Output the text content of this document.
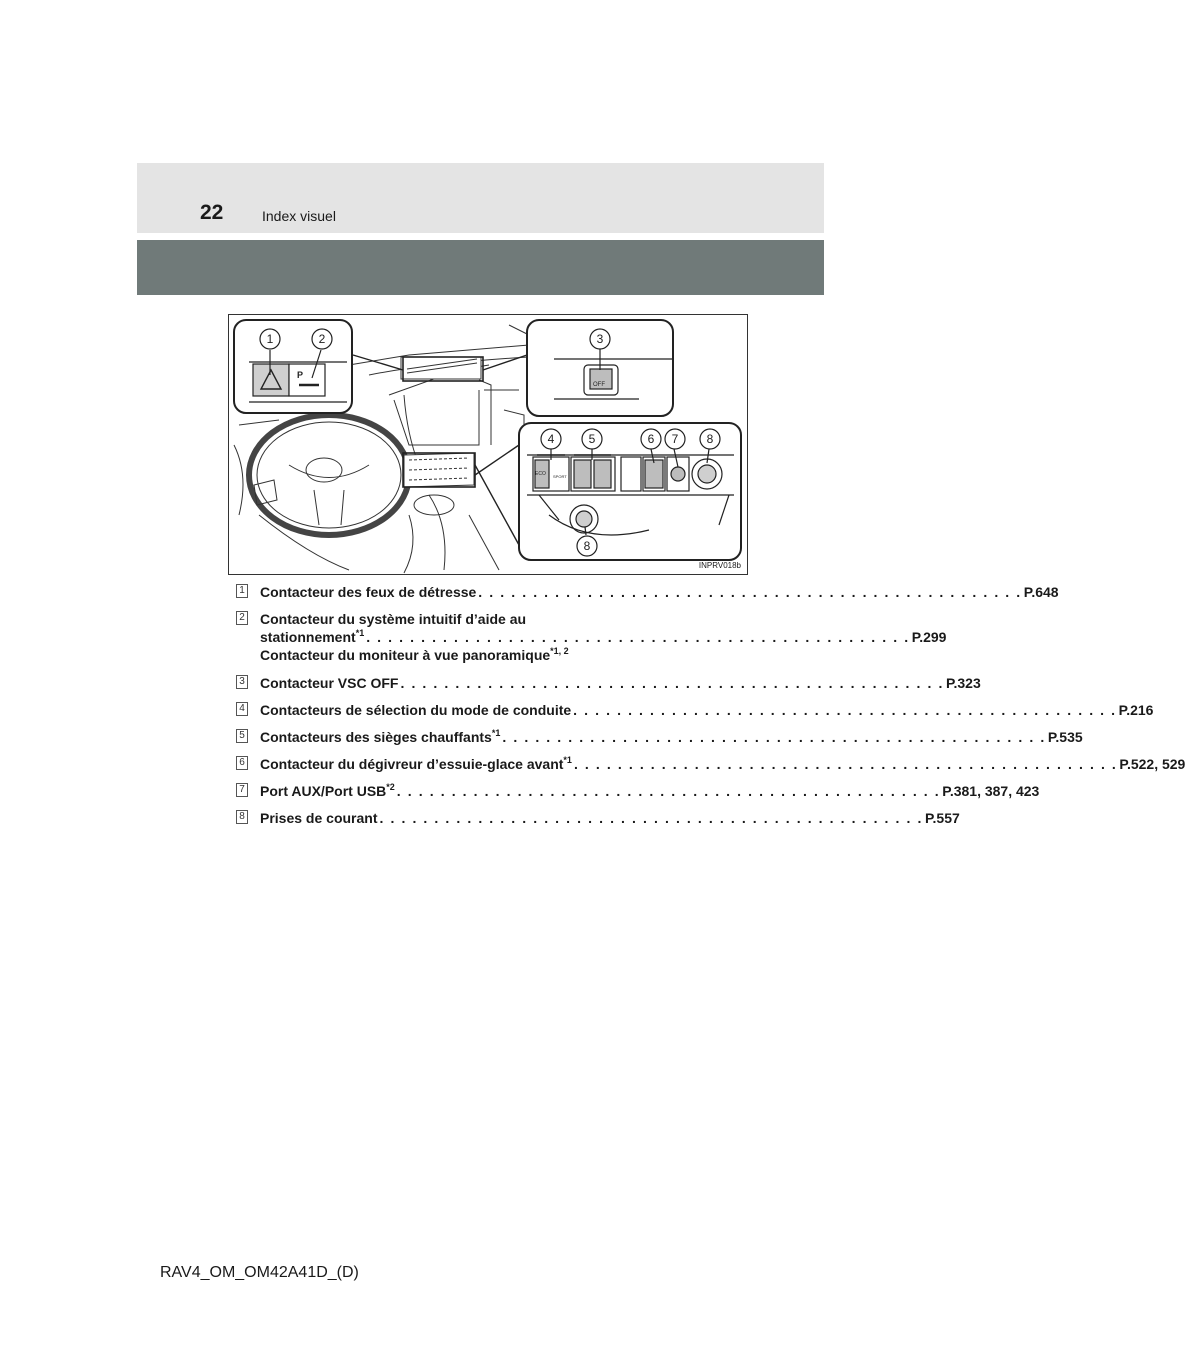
22	Index visuel
P
OFF
ECO SPORT
1	2	3
4	5	6 7 8
8
INPRV018b
1 Contacteur des feux de détresse . . . . . . . . . . . . . . . . . . . . . . . . . . . . . . . . . . . . . . . . . . . . . . . . . . P.648
2 Contacteur du système intuitif d’aide au
stationnement$^{*1}$ . . . . . . . . . . . . . . . . . . . . . . . . . . . . . . . . . . . . . . . . . . . . . . . . . . P.299
Contacteur du moniteur à vue panoramique$^{*1, 2}$
3 Contacteur VSC OFF . . . . . . . . . . . . . . . . . . . . . . . . . . . . . . . . . . . . . . . . . . . . . . . . . . P.323
4 Contacteurs de sélection du mode de conduite . . . . . . . . . . . . . . . . . . . . . . . . . . . . . . . . . . . . . . . . . . . . . . . . . . P.216
5 Contacteurs des sièges chauffants$^{*1}$ . . . . . . . . . . . . . . . . . . . . . . . . . . . . . . . . . . . . . . . . . . . . . . . . . . P.535
6 Contacteur du dégivreur d’essuie-glace avant$^{*1}$ . . . . . . . . . . . . . . . . . . . . . . . . . . . . . . . . . . . . . . . . . . . . . . . . . . P.522, 529
7 Port AUX/Port USB$^{*2}$ . . . . . . . . . . . . . . . . . . . . . . . . . . . . . . . . . . . . . . . . . . . . . . . . . . P.381, 387, 423
8 Prises de courant . . . . . . . . . . . . . . . . . . . . . . . . . . . . . . . . . . . . . . . . . . . . . . . . . . P.557
RAV4_OM_OM42A41D_(D)
